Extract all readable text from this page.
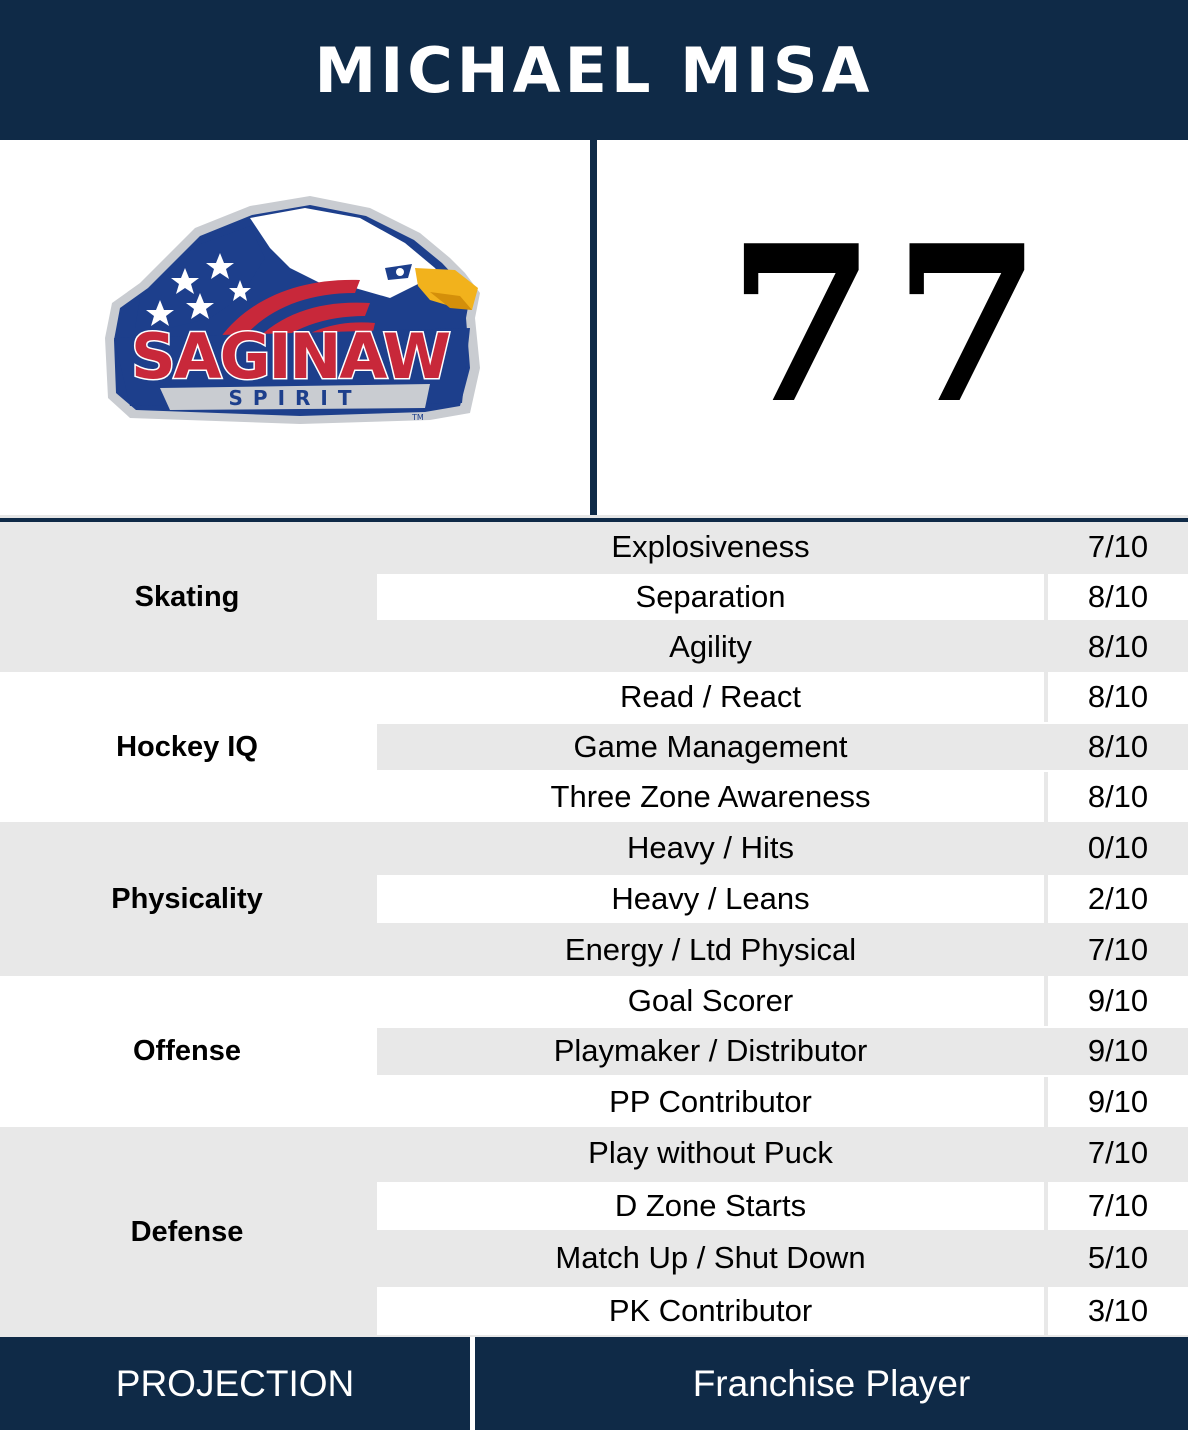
MICHAEL MISA
SAGINAW
SPIRIT
TM 77
Skating
Explosiveness	7/10
Separation	8/10
Agility	8/10
Hockey IQ
Read / React	8/10
Game Management	8/10
Three Zone Awareness	8/10
Physicality
Heavy / Hits	0/10
Heavy / Leans	2/10
Energy / Ltd Physical	7/10
Offense
Goal Scorer	9/10
Playmaker / Distributor	9/10
PP Contributor	9/10
Defense
Play without Puck	7/10
D Zone Starts	7/10
Match Up / Shut Down	5/10
PK Contributor	3/10
PROJECTION	Franchise Player
